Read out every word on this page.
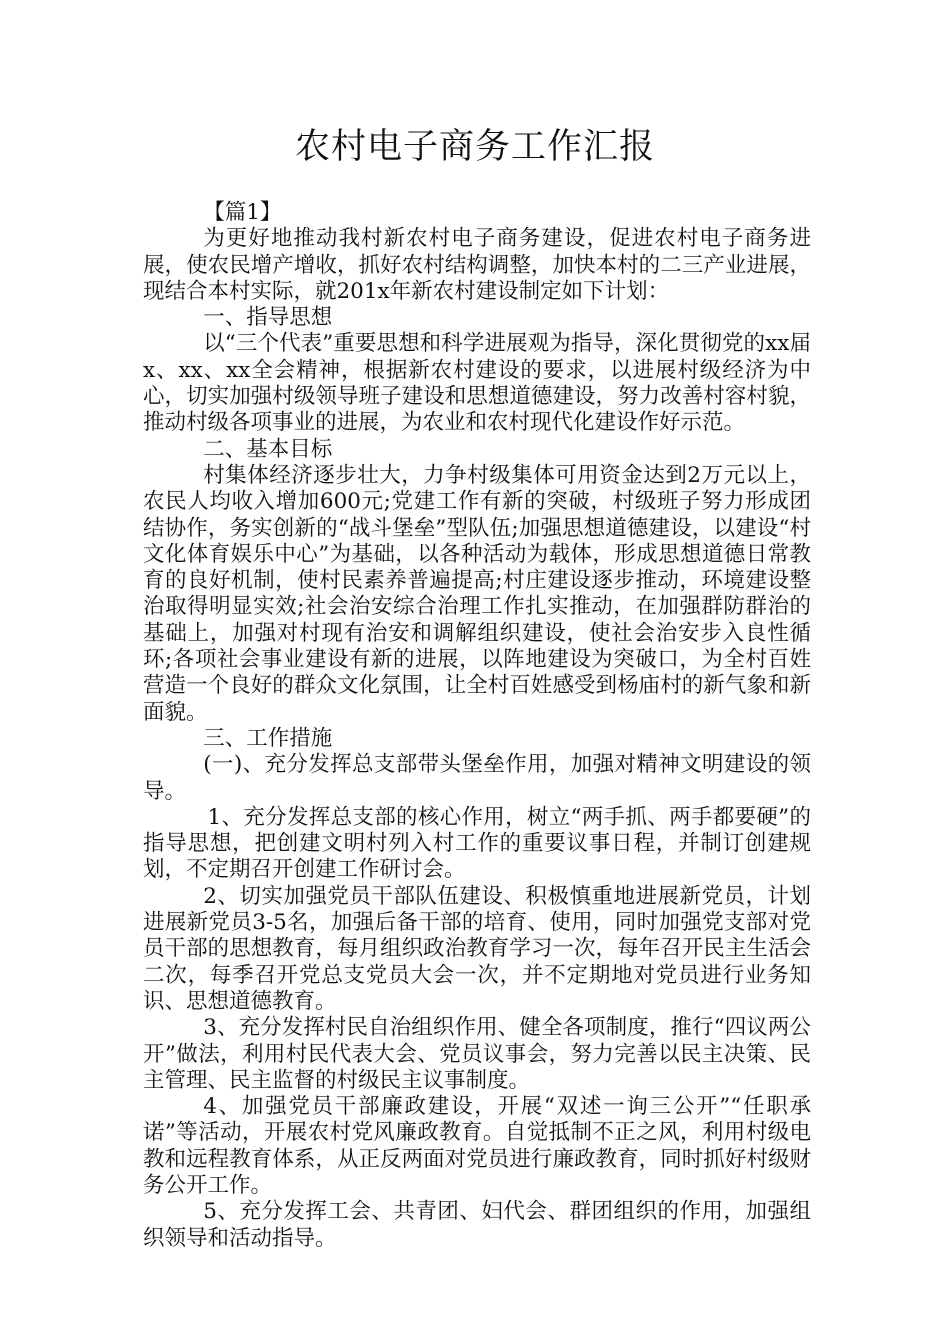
农村电子商务工作汇报

【篇1】

为更好地推动我村新农村电子商务建设，促进农村电子商务进展，使农民增产增收，抓好农村结构调整，加快本村的二三产业进展，现结合本村实际，就201x年新农村建设制定如下计划：

一、指导思想

以“三个代表”重要思想和科学进展观为指导，深化贯彻党的xx届x、xx、xx全会精神，根据新农村建设的要求，以进展村级经济为中心，切实加强村级领导班子建设和思想道德建设，努力改善村容村貌，推动村级各项事业的进展，为农业和农村现代化建设作好示范。

二、基本目标

村集体经济逐步壮大，力争村级集体可用资金达到2万元以上，农民人均收入增加600元;党建工作有新的突破，村级班子努力形成团结协作，务实创新的“战斗堡垒”型队伍;加强思想道德建设，以建设“村文化体育娱乐中心”为基础，以各种活动为载体，形成思想道德日常教育的良好机制，使村民素养普遍提高;村庄建设逐步推动，环境建设整治取得明显实效;社会治安综合治理工作扎实推动，在加强群防群治的基础上，加强对村现有治安和调解组织建设，使社会治安步入良性循环;各项社会事业建设有新的进展，以阵地建设为突破口，为全村百姓营造一个良好的群众文化氛围，让全村百姓感受到杨庙村的新气象和新面貌。

三、工作措施

(一)、充分发挥总支部带头堡垒作用，加强对精神文明建设的领导。

1、充分发挥总支部的核心作用，树立“两手抓、两手都要硬”的指导思想，把创建文明村列入村工作的重要议事日程，并制订创建规划，不定期召开创建工作研讨会。

2、切实加强党员干部队伍建设、积极慎重地进展新党员，计划进展新党员3-5名，加强后备干部的培育、使用，同时加强党支部对党员干部的思想教育，每月组织政治教育学习一次，每年召开民主生活会二次，每季召开党总支党员大会一次，并不定期地对党员进行业务知识、思想道德教育。

3、充分发挥村民自治组织作用、健全各项制度，推行“四议两公开”做法，利用村民代表大会、党员议事会，努力完善以民主决策、民主管理、民主监督的村级民主议事制度。

4、加强党员干部廉政建设，开展“双述一询三公开”“任职承诺”等活动，开展农村党风廉政教育。自觉抵制不正之风，利用村级电教和远程教育体系，从正反两面对党员进行廉政教育，同时抓好村级财务公开工作。

5、充分发挥工会、共青团、妇代会、群团组织的作用，加强组织领导和活动指导。
